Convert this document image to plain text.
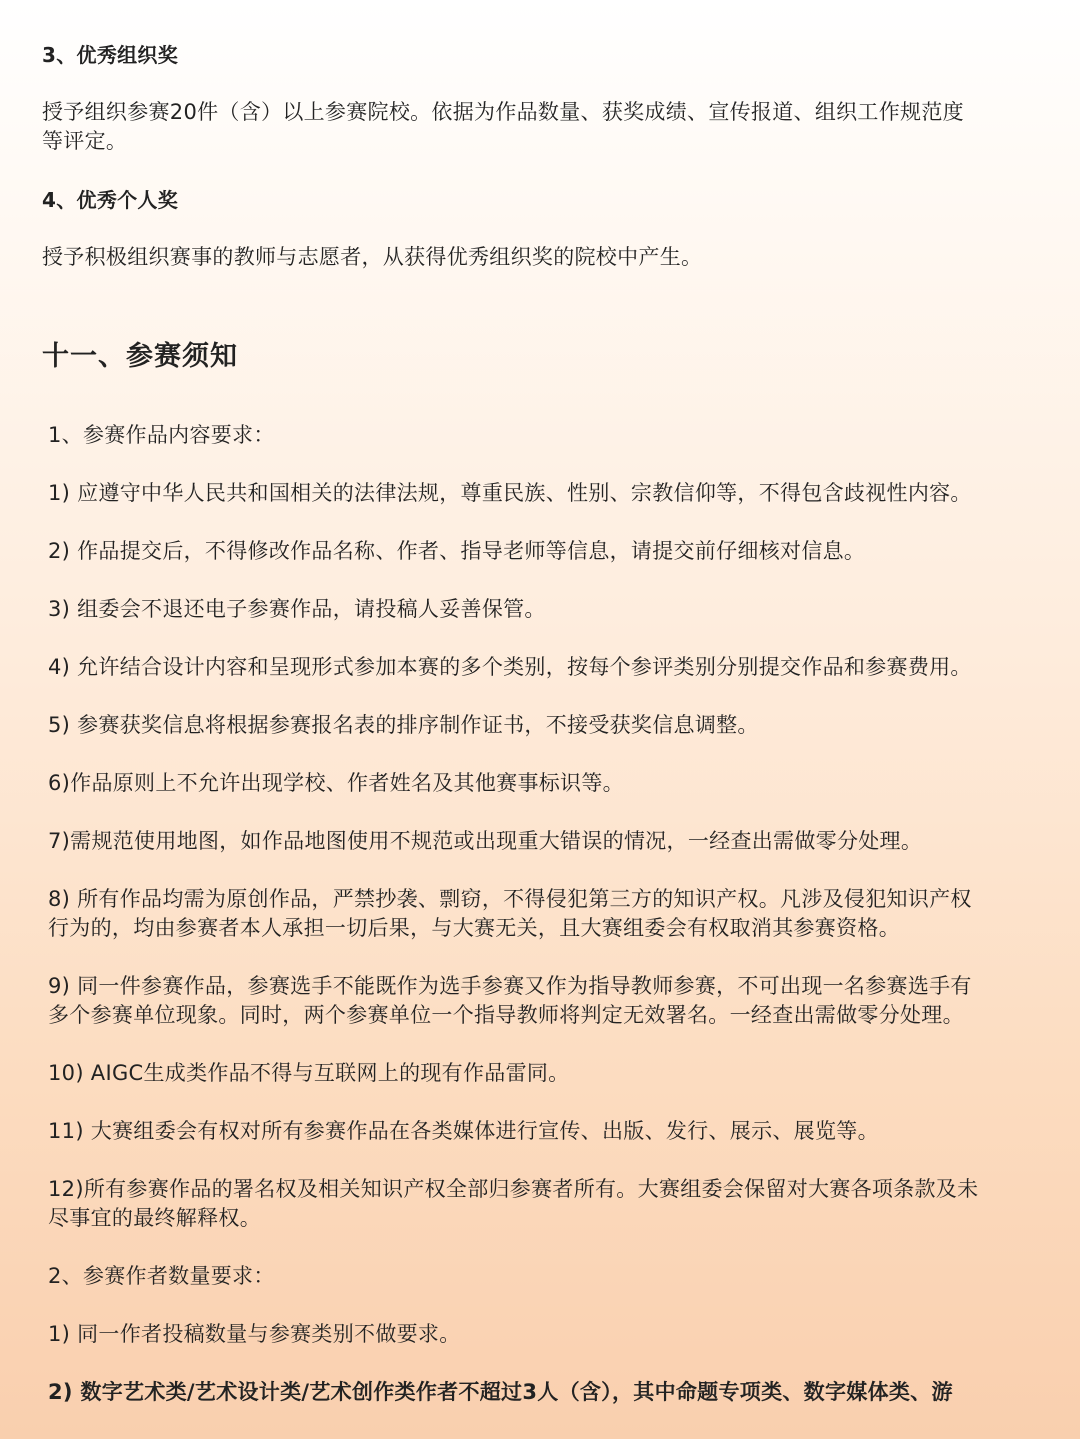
3、优秀组织奖
授予组织参赛20件（含）以上参赛院校。依据为作品数量、获奖成绩、宣传报道、组织工作规范度
等评定。
4、优秀个人奖
授予积极组织赛事的教师与志愿者，从获得优秀组织奖的院校中产生。
十一、参赛须知
1、参赛作品内容要求：
1) 应遵守中华人民共和国相关的法律法规，尊重民族、性别、宗教信仰等，不得包含歧视性内容。
2) 作品提交后，不得修改作品名称、作者、指导老师等信息，请提交前仔细核对信息。
3) 组委会不退还电子参赛作品，请投稿人妥善保管。
4) 允许结合设计内容和呈现形式参加本赛的多个类别，按每个参评类别分别提交作品和参赛费用。
5) 参赛获奖信息将根据参赛报名表的排序制作证书，不接受获奖信息调整。
6)作品原则上不允许出现学校、作者姓名及其他赛事标识等。
7)需规范使用地图，如作品地图使用不规范或出现重大错误的情况，一经查出需做零分处理。
8) 所有作品均需为原创作品，严禁抄袭、剽窃，不得侵犯第三方的知识产权。凡涉及侵犯知识产权
行为的，均由参赛者本人承担一切后果，与大赛无关，且大赛组委会有权取消其参赛资格。
9) 同一件参赛作品，参赛选手不能既作为选手参赛又作为指导教师参赛，不可出现一名参赛选手有
多个参赛单位现象。同时，两个参赛单位一个指导教师将判定无效署名。一经查出需做零分处理。
10) AIGC生成类作品不得与互联网上的现有作品雷同。
11) 大赛组委会有权对所有参赛作品在各类媒体进行宣传、出版、发行、展示、展览等。
12)所有参赛作品的署名权及相关知识产权全部归参赛者所有。大赛组委会保留对大赛各项条款及未
尽事宜的最终解释权。
2、参赛作者数量要求：
1) 同一作者投稿数量与参赛类别不做要求。
2) 数字艺术类/艺术设计类/艺术创作类作者不超过3人（含），其中命题专项类、数字媒体类、游
